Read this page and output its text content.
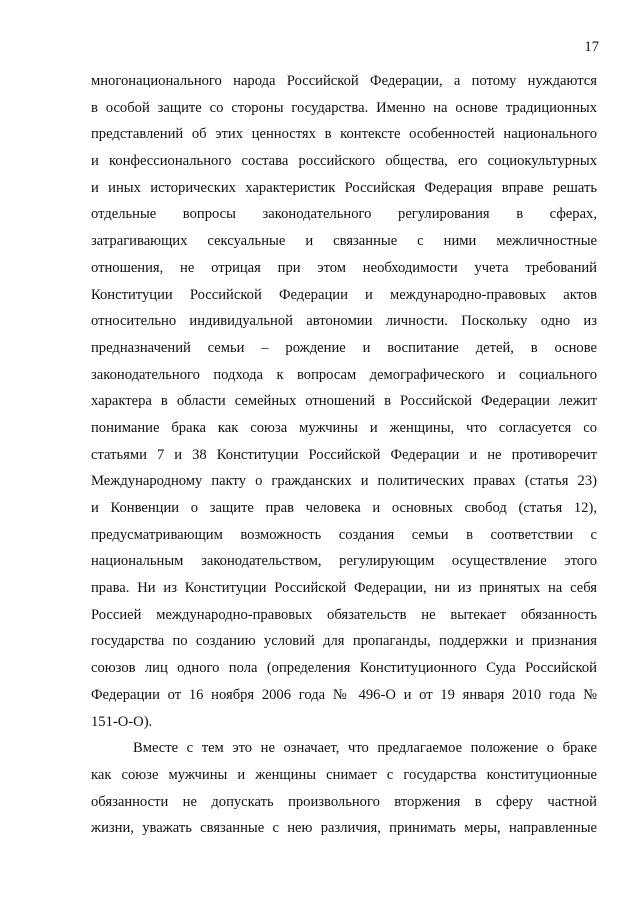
17
многонационального народа Российской Федерации, а потому нуждаются
в особой защите со стороны государства. Именно на основе традиционных
представлений об этих ценностях в контексте особенностей национального
и конфессионального состава российского общества, его социокультурных
и иных исторических характеристик Российская Федерация вправе решать
отдельные вопросы законодательного регулирования в сферах,
затрагивающих сексуальные и связанные с ними межличностные
отношения, не отрицая при этом необходимости учета требований
Конституции Российской Федерации и международно-правовых актов
относительно индивидуальной автономии личности. Поскольку одно из
предназначений семьи – рождение и воспитание детей, в основе
законодательного подхода к вопросам демографического и социального
характера в области семейных отношений в Российской Федерации лежит
понимание брака как союза мужчины и женщины, что согласуется со
статьями 7 и 38 Конституции Российской Федерации и не противоречит
Международному пакту о гражданских и политических правах (статья 23)
и Конвенции о защите прав человека и основных свобод (статья 12),
предусматривающим возможность создания семьи в соответствии с
национальным законодательством, регулирующим осуществление этого
права. Ни из Конституции Российской Федерации, ни из принятых на себя
Россией международно-правовых обязательств не вытекает обязанность
государства по созданию условий для пропаганды, поддержки и признания
союзов лиц одного пола (определения Конституционного Суда Российской
Федерации от 16 ноября 2006 года № 496-О и от 19 января 2010 года №
151-О-О).
Вместе с тем это не означает, что предлагаемое положение о браке
как союзе мужчины и женщины снимает с государства конституционные
обязанности не допускать произвольного вторжения в сферу частной
жизни, уважать связанные с нею различия, принимать меры, направленные
